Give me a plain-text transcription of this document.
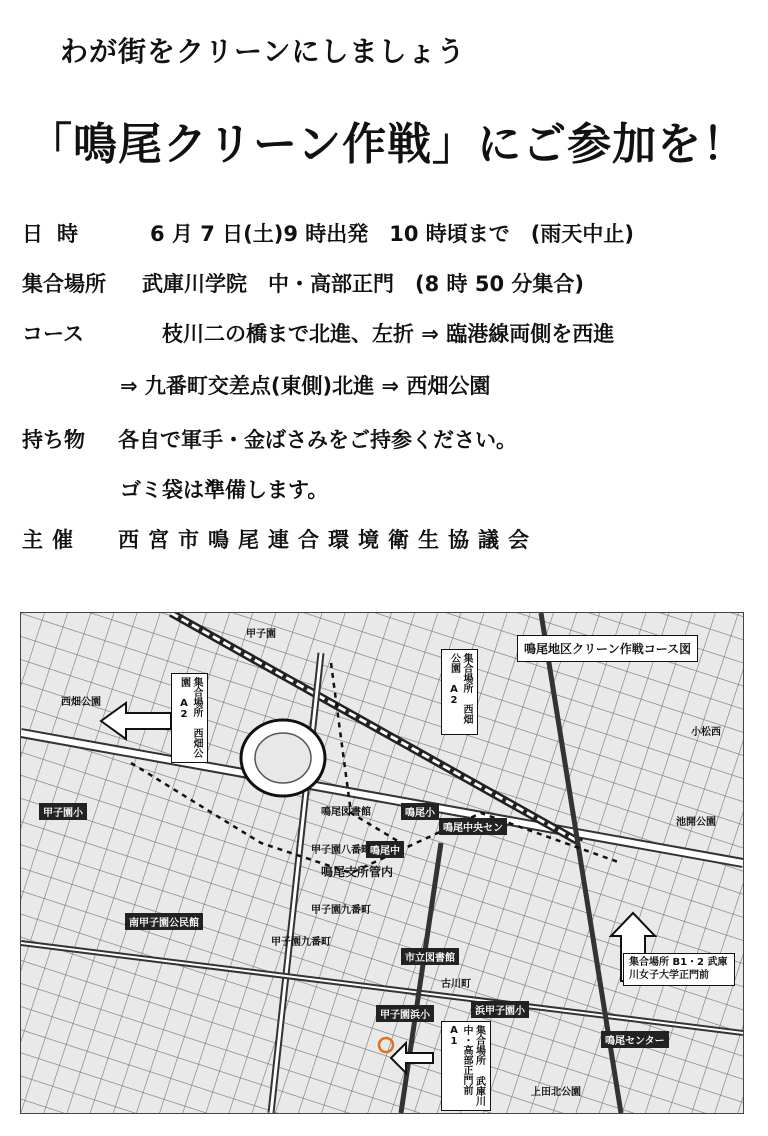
わが街をクリーンにしましょう
「鳴尾クリーン作戦」にご参加を！
日時	6 月 7 日(土)9 時出発　10 時頃まで　(雨天中止)
集合場所 武庫川学院　中・高部正門　(8 時 50 分集合)
コース	枝川二の橋まで北進、左折 ⇒ 臨港線両側を西進
⇒ 九番町交差点(東側)北進 ⇒ 西畑公園
持ち物 各自で軍手・金ばさみをご持参ください。
ゴミ袋は準備します。
主催 西宮市鳴尾連合環境衛生協議会
鳴尾地区クリーン作戦コース図
集合場所 西畑公園 A2	集合場所 西畑公園 A2
集合場所 B1・2 武庫川女子大学正門前
集合場所 武庫川中・高部正門前 A1
甲子園九番町
鳴尾支所管内
甲子園小	鳴尾小
鳴尾中
南甲子園公民館
市立図書館
浜甲子園小
甲子園浜小
鳴尾中央セン
鳴尾センター
甲子園
甲子園九番町
甲子園八番町
鳴尾図書館
古川町
上田北公園
池開公園
小松西
西畑公園
